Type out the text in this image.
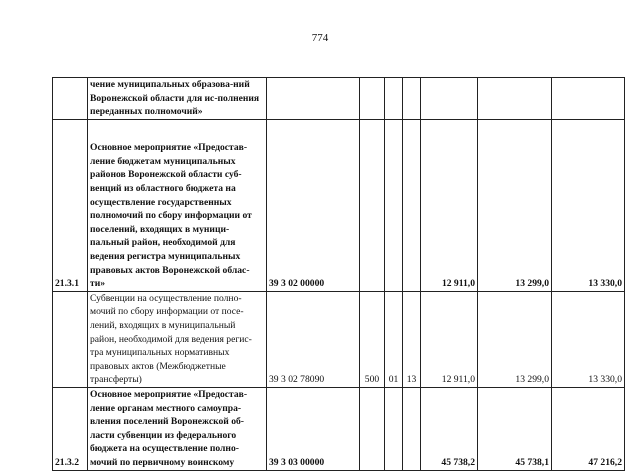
774
	чение муниципальных образова-ний Воронежской области для ис-полнения переданных полномочий»							
21.3.1	Основное мероприятие «Предостав-ление бюджетам муниципальных районов Воронежской области суб-венций из областного бюджета на осуществление государственных полномочий по сбору информации от поселений, входящих в муници-пальный район, необходимой для ведения регистра муниципальных правовых актов Воронежской облас-ти»	39 3 02 00000				12 911,0	13 299,0	13 330,0
	Субвенции на осуществление полно-мочий по сбору информации от посе-лений, входящих в муниципальный район, необходимой для ведения регис-тра муниципальных нормативных правовых актов (Межбюджетные трансферты)	39 3 02 78090	500	01	13	12 911,0	13 299,0	13 330,0
21.3.2	Основное мероприятие «Предостав-ление органам местного самоупра-вления поселений Воронежской об-ласти субвенции из федерального бюджета на осуществление полно-мочий по первичному воинскому	39 3 03 00000				45 738,2	45 738,1	47 216,2
